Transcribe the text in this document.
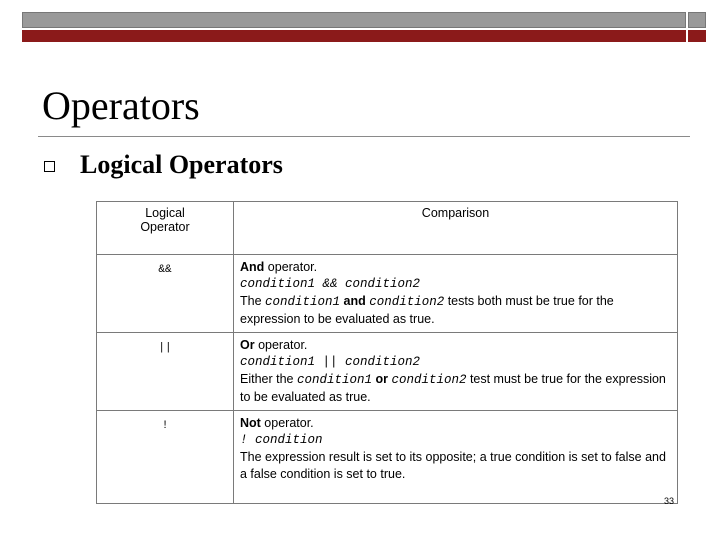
Operators
Logical Operators
Logical
Operator	Comparison
&&	And operator.
condition1 && condition2
The condition1 and condition2 tests both must be true for the expression to be evaluated as true.

||	Or operator.
condition1 || condition2
Either the condition1 or condition2 test must be true for the expression to be evaluated as true.

!	Not operator.
! condition
The expression result is set to its opposite; a true condition is set to false and a false condition is set to true.
33
